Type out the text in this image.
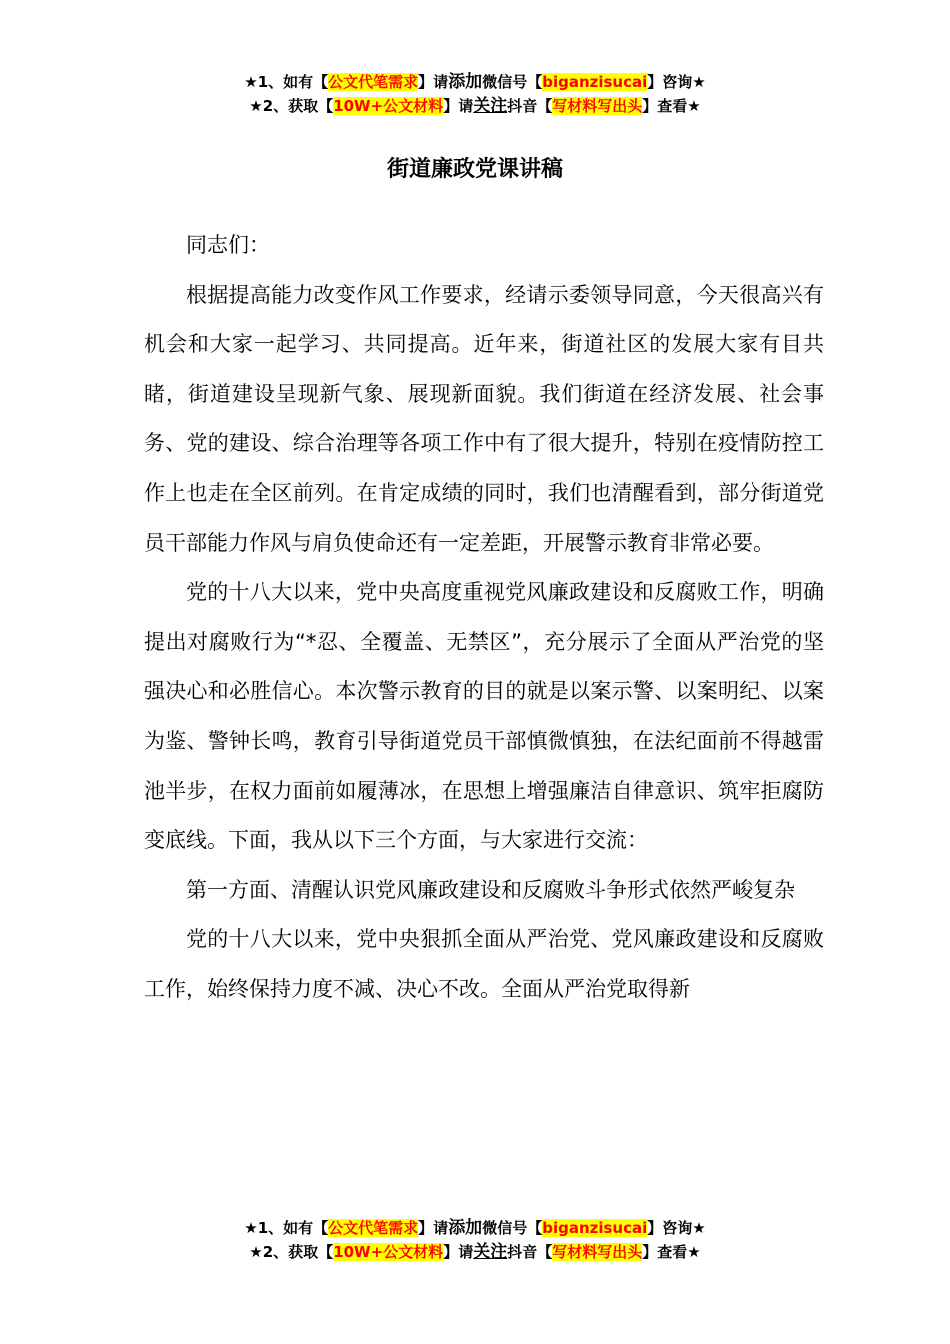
★1、如有【公文代笔需求】请添加微信号【biganzisucai】咨询★
★2、获取【10W+公文材料】请关注抖音【写材料写出头】查看★
街道廉政党课讲稿

同志们：

根据提高能力改变作风工作要求，经请示委领导同意，今天很高兴有机会和大家一起学习、共同提高。近年来，街道社区的发展大家有目共睹，街道建设呈现新气象、展现新面貌。我们街道在经济发展、社会事务、党的建设、综合治理等各项工作中有了很大提升，特别在疫情防控工作上也走在全区前列。在肯定成绩的同时，我们也清醒看到，部分街道党员干部能力作风与肩负使命还有一定差距，开展警示教育非常必要。

党的十八大以来，党中央高度重视党风廉政建设和反腐败工作，明确提出对腐败行为“*忍、全覆盖、无禁区”，充分展示了全面从严治党的坚强决心和必胜信心。本次警示教育的目的就是以案示警、以案明纪、以案为鉴、警钟长鸣，教育引导街道党员干部慎微慎独，在法纪面前不得越雷池半步，在权力面前如履薄冰，在思想上增强廉洁自律意识、筑牢拒腐防变底线。下面，我从以下三个方面，与大家进行交流：

第一方面、清醒认识党风廉政建设和反腐败斗争形式依然严峻复杂

党的十八大以来，党中央狠抓全面从严治党、党风廉政建设和反腐败工作，始终保持力度不减、决心不改。全面从严治党取得新

★1、如有【公文代笔需求】请添加微信号【biganzisucai】咨询★
★2、获取【10W+公文材料】请关注抖音【写材料写出头】查看★
